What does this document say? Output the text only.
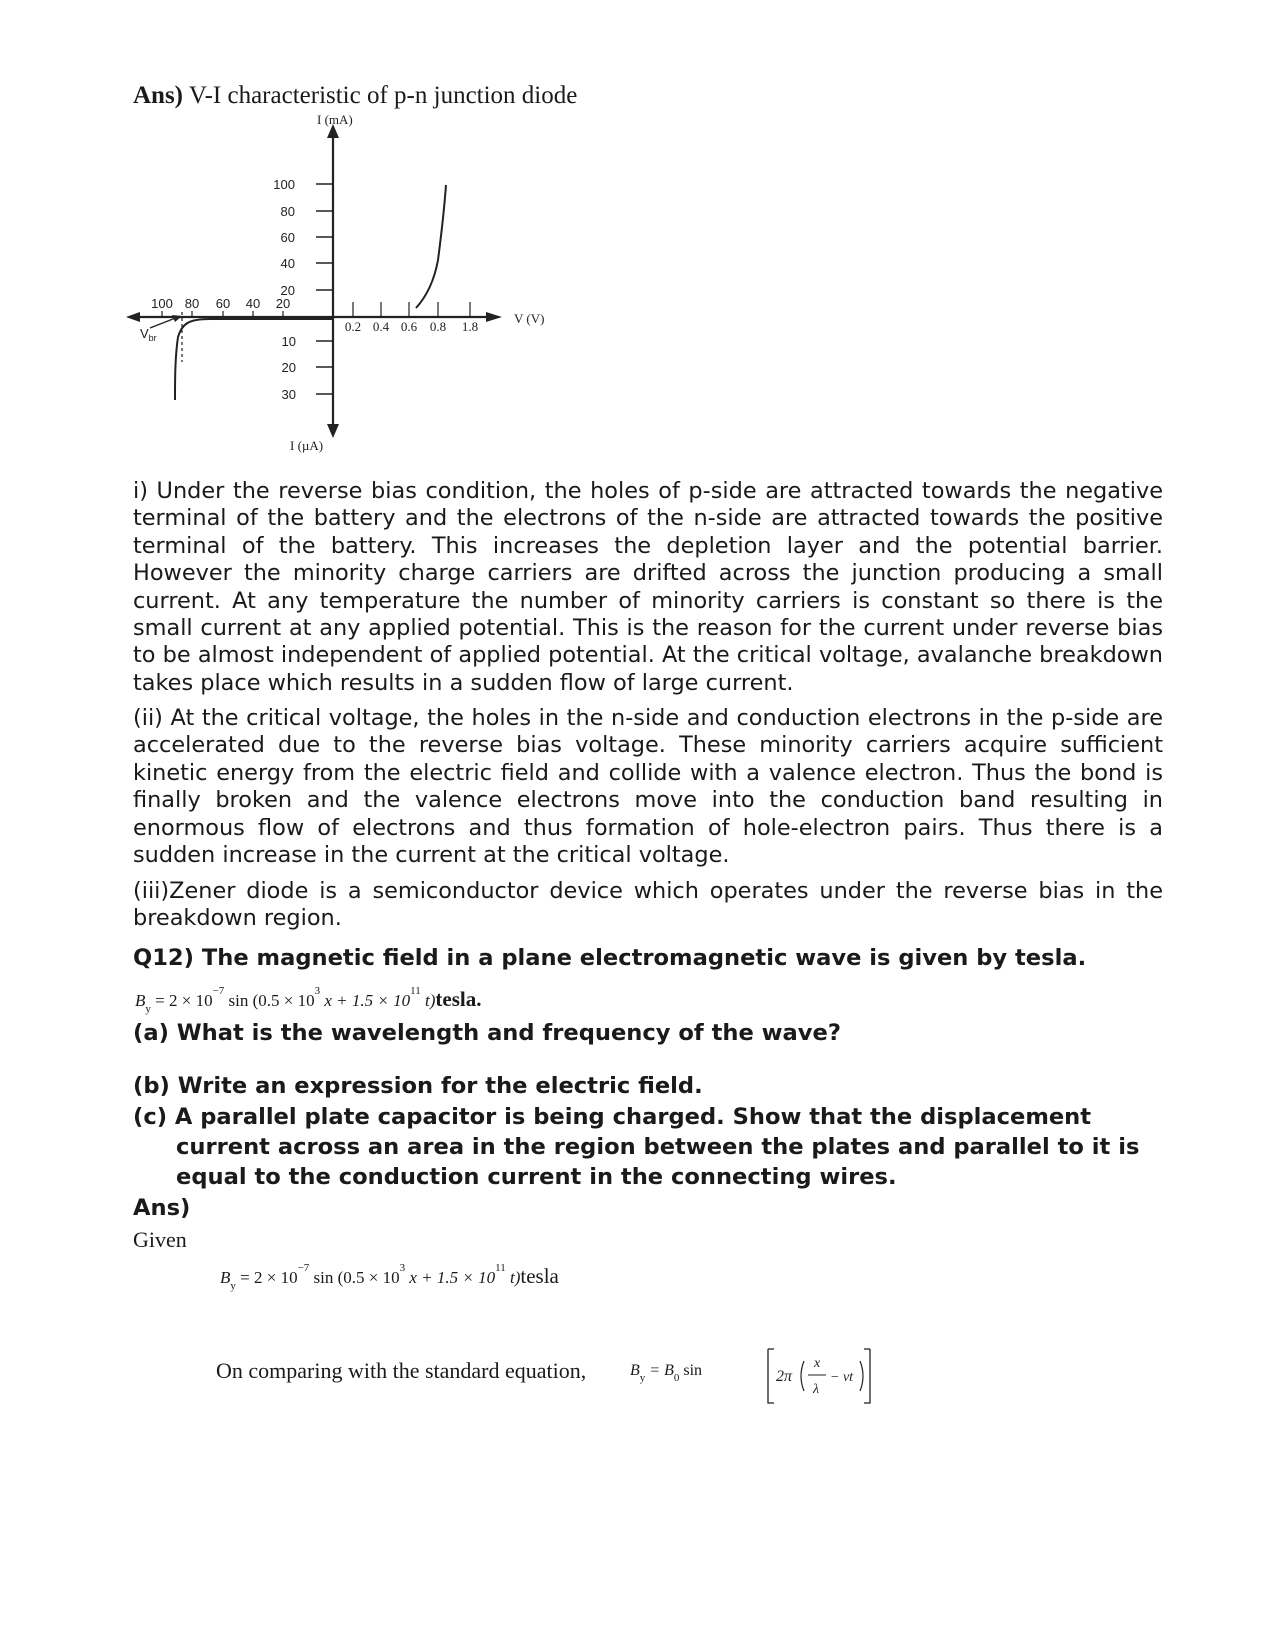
Ans) V-I characteristic of p-n junction diode
I (mA)
I (µA)
V (V)
$V_{br}$
100
80
60
40
20
10
20
30
100 80 60 40 20
0.2 0.4 0.6 0.8 1.8
i) Under the reverse bias condition, the holes of p-side are attracted towards the negative terminal of the battery and the electrons of the n-side are attracted towards the positive terminal of the battery. This increases the depletion layer and the potential barrier. However the minority charge carriers are drifted across the junction producing a small current. At any temperature the number of minority carriers is constant so there is the small current at any applied potential. This is the reason for the current under reverse bias to be almost independent of applied potential. At the critical voltage, avalanche breakdown takes place which results in a sudden flow of large current.
(ii) At the critical voltage, the holes in the n-side and conduction electrons in the p-side are accelerated due to the reverse bias voltage. These minority carriers acquire sufficient kinetic energy from the electric field and collide with a valence electron. Thus the bond is finally broken and the valence electrons move into the conduction band resulting in enormous flow of electrons and thus formation of hole-electron pairs. Thus there is a sudden increase in the current at the critical voltage.
(iii)Zener diode is a semiconductor device which operates under the reverse bias in the breakdown region.
Q12) The magnetic field in a plane electromagnetic wave is given by tesla.
$B_y = 2 \times 10^{-7}$ $\sin (0.5 \times 10^3$ $x + 1.5 \times 10^{11}$ t)tesla.
(a) What is the wavelength and frequency of the wave?
(b) Write an expression for the electric field.
(c) A parallel plate capacitor is being charged. Show that the displacement
current across an area in the region between the plates and parallel to it is
equal to the conduction current in the connecting wires.
Ans)
Given
$B_y = 2 \times 10^{-7}$ $\sin (0.5 \times 10^3$ $x + 1.5 \times 10^{11}$ t)tesla
On comparing with the standard equation,	$B_y = B_0$ sin	2π
x
λ
− vt
